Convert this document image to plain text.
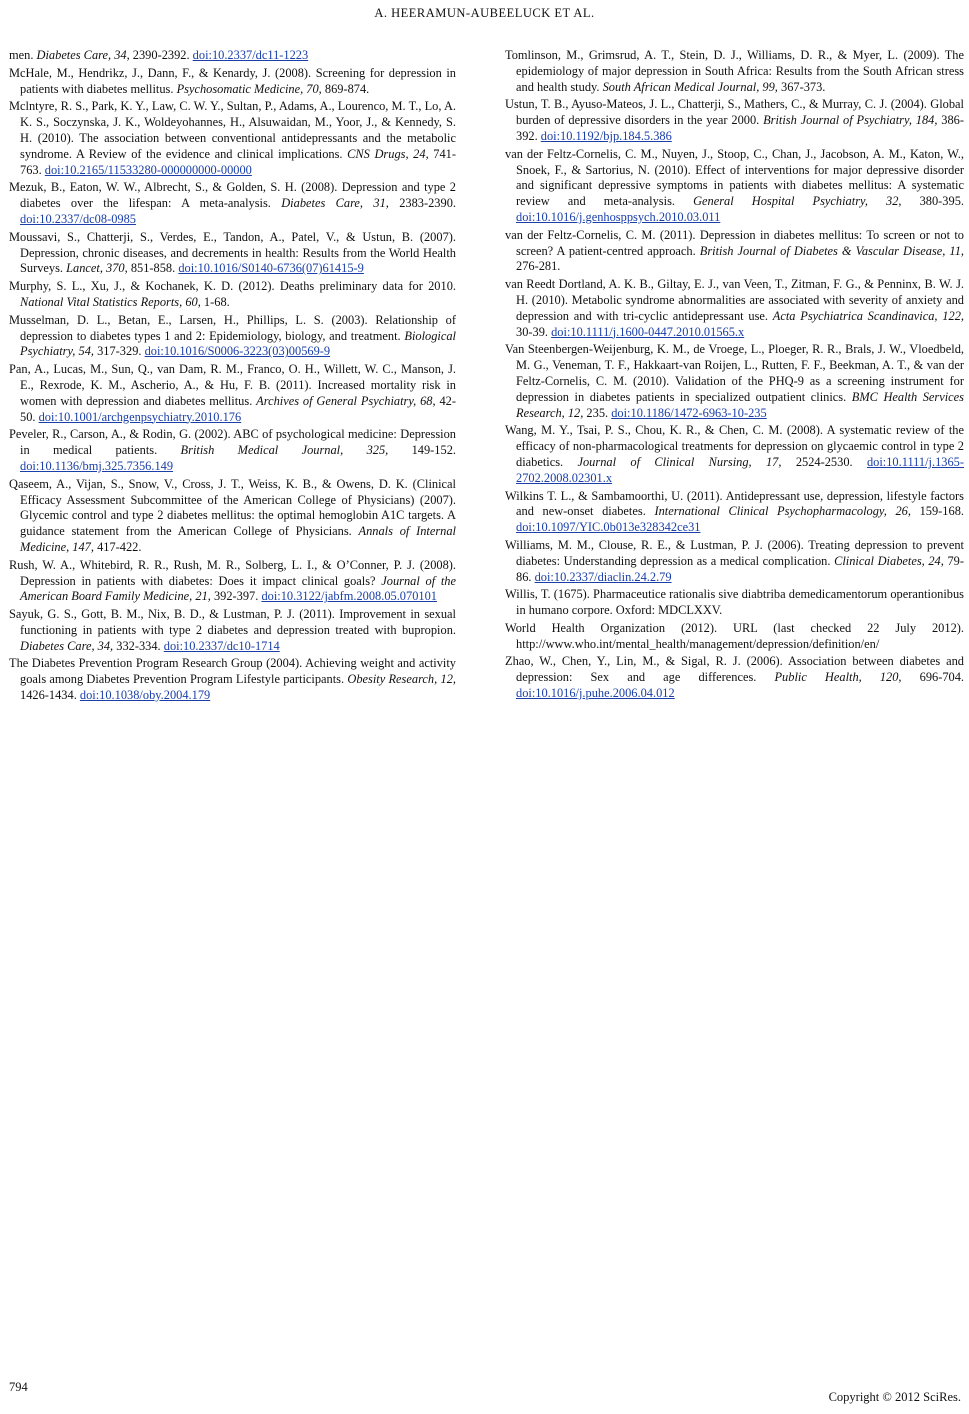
A. HEERAMUN-AUBEELUCK ET AL.

men. Diabetes Care, 34, 2390-2392. doi:10.2337/dc11-1223

McHale, M., Hendrikz, J., Dann, F., & Kenardy, J. (2008). Screening for depression in patients with diabetes mellitus. Psychosomatic Medicine, 70, 869-874.

Mclntyre, R. S., Park, K. Y., Law, C. W. Y., Sultan, P., Adams, A., Lourenco, M. T., Lo, A. K. S., Soczynska, J. K., Woldeyohannes, H., Alsuwaidan, M., Yoor, J., & Kennedy, S. H. (2010). The association between conventional antidepressants and the metabolic syndrome. A Review of the evidence and clinical implications. CNS Drugs, 24, 741-763. doi:10.2165/11533280-000000000-00000

Mezuk, B., Eaton, W. W., Albrecht, S., & Golden, S. H. (2008). Depression and type 2 diabetes over the lifespan: A meta-analysis. Diabetes Care, 31, 2383-2390. doi:10.2337/dc08-0985

Moussavi, S., Chatterji, S., Verdes, E., Tandon, A., Patel, V., & Ustun, B. (2007). Depression, chronic diseases, and decrements in health: Results from the World Health Surveys. Lancet, 370, 851-858. doi:10.1016/S0140-6736(07)61415-9

Murphy, S. L., Xu, J., & Kochanek, K. D. (2012). Deaths preliminary data for 2010. National Vital Statistics Reports, 60, 1-68.

Musselman, D. L., Betan, E., Larsen, H., Phillips, L. S. (2003). Relationship of depression to diabetes types 1 and 2: Epidemiology, biology, and treatment. Biological Psychiatry, 54, 317-329. doi:10.1016/S0006-3223(03)00569-9

Pan, A., Lucas, M., Sun, Q., van Dam, R. M., Franco, O. H., Willett, W. C., Manson, J. E., Rexrode, K. M., Ascherio, A., & Hu, F. B. (2011). Increased mortality risk in women with depression and diabetes mellitus. Archives of General Psychiatry, 68, 42-50. doi:10.1001/archgenpsychiatry.2010.176

Peveler, R., Carson, A., & Rodin, G. (2002). ABC of psychological medicine: Depression in medical patients. British Medical Journal, 325, 149-152. doi:10.1136/bmj.325.7356.149

Qaseem, A., Vijan, S., Snow, V., Cross, J. T., Weiss, K. B., & Owens, D. K. (Clinical Efficacy Assessment Subcommittee of the American College of Physicians) (2007). Glycemic control and type 2 diabetes mellitus: the optimal hemoglobin A1C targets. A guidance statement from the American College of Physicians. Annals of Internal Medicine, 147, 417-422.

Rush, W. A., Whitebird, R. R., Rush, M. R., Solberg, L. I., & O’Conner, P. J. (2008). Depression in patients with diabetes: Does it impact clinical goals? Journal of the American Board Family Medicine, 21, 392-397. doi:10.3122/jabfm.2008.05.070101

Sayuk, G. S., Gott, B. M., Nix, B. D., & Lustman, P. J. (2011). Improvement in sexual functioning in patients with type 2 diabetes and depression treated with bupropion. Diabetes Care, 34, 332-334. doi:10.2337/dc10-1714

The Diabetes Prevention Program Research Group (2004). Achieving weight and activity goals among Diabetes Prevention Program Lifestyle participants. Obesity Research, 12, 1426-1434. doi:10.1038/oby.2004.179

Tomlinson, M., Grimsrud, A. T., Stein, D. J., Williams, D. R., & Myer, L. (2009). The epidemiology of major depression in South Africa: Results from the South African stress and health study. South African Medical Journal, 99, 367-373.

Ustun, T. B., Ayuso-Mateos, J. L., Chatterji, S., Mathers, C., & Murray, C. J. (2004). Global burden of depressive disorders in the year 2000. British Journal of Psychiatry, 184, 386-392. doi:10.1192/bjp.184.5.386

van der Feltz-Cornelis, C. M., Nuyen, J., Stoop, C., Chan, J., Jacobson, A. M., Katon, W., Snoek, F., & Sartorius, N. (2010). Effect of interventions for major depressive disorder and significant depressive symptoms in patients with diabetes mellitus: A systematic review and meta-analysis. General Hospital Psychiatry, 32, 380-395. doi:10.1016/j.genhosppsych.2010.03.011

van der Feltz-Cornelis, C. M. (2011). Depression in diabetes mellitus: To screen or not to screen? A patient-centred approach. British Journal of Diabetes & Vascular Disease, 11, 276-281.

van Reedt Dortland, A. K. B., Giltay, E. J., van Veen, T., Zitman, F. G., & Penninx, B. W. J. H. (2010). Metabolic syndrome abnormalities are associated with severity of anxiety and depression and with tri-cyclic antidepressant use. Acta Psychiatrica Scandinavica, 122, 30-39. doi:10.1111/j.1600-0447.2010.01565.x

Van Steenbergen-Weijenburg, K. M., de Vroege, L., Ploeger, R. R., Brals, J. W., Vloedbeld, M. G., Veneman, T. F., Hakkaart-van Roijen, L., Rutten, F. F., Beekman, A. T., & van der Feltz-Cornelis, C. M. (2010). Validation of the PHQ-9 as a screening instrument for depression in diabetes patients in specialized outpatient clinics. BMC Health Services Research, 12, 235. doi:10.1186/1472-6963-10-235

Wang, M. Y., Tsai, P. S., Chou, K. R., & Chen, C. M. (2008). A systematic review of the efficacy of non-pharmacological treatments for depression on glycaemic control in type 2 diabetics. Journal of Clinical Nursing, 17, 2524-2530. doi:10.1111/j.1365-2702.2008.02301.x

Wilkins T. L., & Sambamoorthi, U. (2011). Antidepressant use, depression, lifestyle factors and new-onset diabetes. International Clinical Psychopharmacology, 26, 159-168. doi:10.1097/YIC.0b013e328342ce31

Williams, M. M., Clouse, R. E., & Lustman, P. J. (2006). Treating depression to prevent diabetes: Understanding depression as a medical complication. Clinical Diabetes, 24, 79-86. doi:10.2337/diaclin.24.2.79

Willis, T. (1675). Pharmaceutice rationalis sive diabtriba demedicamentorum operantionibus in humano corpore. Oxford: MDCLXXV.

World Health Organization (2012). URL (last checked 22 July 2012). http://www.who.int/mental_health/management/depression/definition/en/

Zhao, W., Chen, Y., Lin, M., & Sigal, R. J. (2006). Association between diabetes and depression: Sex and age differences. Public Health, 120, 696-704. doi:10.1016/j.puhe.2006.04.012

794
Copyright © 2012 SciRes.
